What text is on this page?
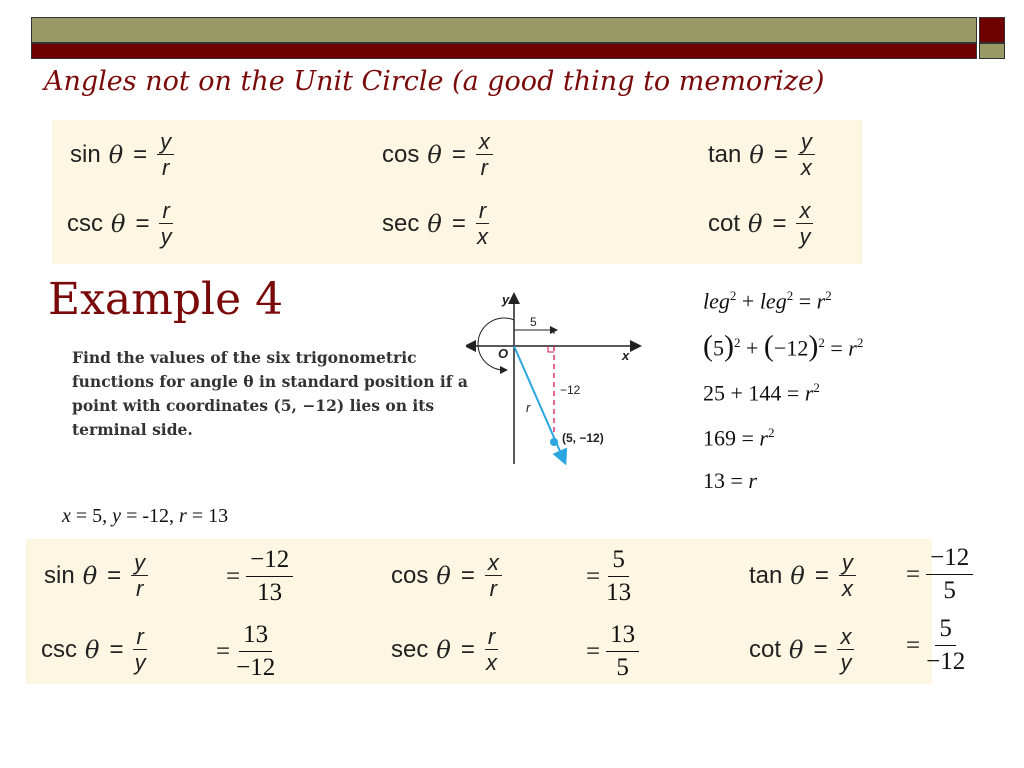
Angles not on the Unit Circle (a good thing to memorize)
$\sin \theta = \frac{y}{r}$	$\cos \theta = \frac{x}{r}$	$\tan \theta = \frac{y}{x}$
$\csc \theta = \frac{r}{y}$	$\sec \theta = \frac{r}{x}$	$\cot \theta = \frac{x}{y}$
Example 4
Find the values of the six trigonometric functions for angle θ in standard position if a point with coordinates (5, −12) lies on its terminal side.
y
x
O
5
−12
r
(5, −12)
$leg^2 + leg^2 = r^2$
$(5)^2 + (-12)^2 = r^2$
$25 + 144 = r^2$
$169 = r^2$
13 = r
x = 5, y = -12, r = 13
$\sin \theta = \frac{y}{r}$	= $\frac{-12}{13}$	$\cos \theta = \frac{x}{r}$	= $\frac{5}{13}$	$\tan \theta = \frac{y}{x} = \frac{-12}{5}$
$\csc \theta = \frac{r}{y}$	= $\frac{13}{-12}$	$\sec \theta = \frac{r}{x}$	= $\frac{13}{5}$	$\cot \theta = \frac{x}{y} = \frac{5}{-12}$
